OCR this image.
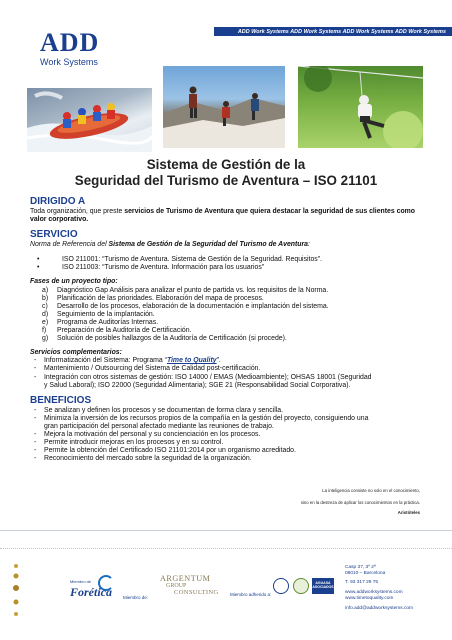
ADD Work Systems ADD Work Systems ADD Work Systems ADD Work Systems
ADD
Work Systems
Sistema de Gestión de la
Seguridad del Turismo de Aventura – ISO 21101
DIRIGIDO A
Toda organización, que preste servicios de Turismo de Aventura que quiera destacar la seguridad de sus clientes como valor corporativo.
SERVICIO
Norma de Referencia del Sistema de Gestión de la Seguridad del Turismo de Aventura:
•	ISO 211001: “Turismo de Aventura. Sistema de Gestión de la Seguridad. Requisitos”.
•	ISO 211003: “Turismo de Aventura. Información para los usuarios”
Fases de un proyecto tipo:
a)	Diagnóstico Gap Análisis para analizar el punto de partida vs. los requisitos de la Norma.
b)	Planificación de las prioridades. Elaboración del mapa de procesos.
c)	Desarrollo de los procesos, elaboración de la documentación e implantación del sistema.
d)	Seguimiento de la implantación.
e)	Programa de Auditorías Internas.
f)	Preparación de la Auditoría de Certificación.
g)	Solución de posibles hallazgos de la Auditoría de Certificación (si procede).
Servicios complementarios:
-	Informatización del Sistema: Programa “Time to Quality”.
-	Mantenimiento / Outsourcing del Sistema de Calidad post-certificación.
-	Integración con otros sistemas de gestión: ISO 14000 / EMAS (Medioambiente); OHSAS 18001 (Seguridad
y Salud Laboral); ISO 22000 (Seguridad Alimentaria); SGE 21 (Responsabilidad Social Corporativa).
BENEFICIOS
-	Se analizan y definen los procesos y se documentan de forma clara y sencilla.
-	Minimiza la inversión de los recursos propios de la compañía en la gestión del proyecto, consiguiendo una
gran participación del personal afectado mediante las reuniones de trabajo.
-	Mejora la motivación del personal y su concienciación en los procesos.
-	Permite introducir mejoras en los procesos y en su control.
-	Permite la obtención del Certificado ISO 21101:2014 por un organismo acreditado.
-	Reconocimiento del mercado sobre la seguridad de la organización.
La inteligencia consiste no solo en el conocimiento,
sino en la destreza de aplicar los conocimientos en la práctica.
Aristóteles
Miembro de
Forética Miembro de:
ARGENTUM
GROUP
CONSULTING	Miembro adherido a:
AGUASA ASOCIADOS
Casp 37, 3º 2ª
08010 – Barcelona
T. 93 317 29 75
www.addworksystems.com
www.timetoquality.com
info.add@addworksystems.com
